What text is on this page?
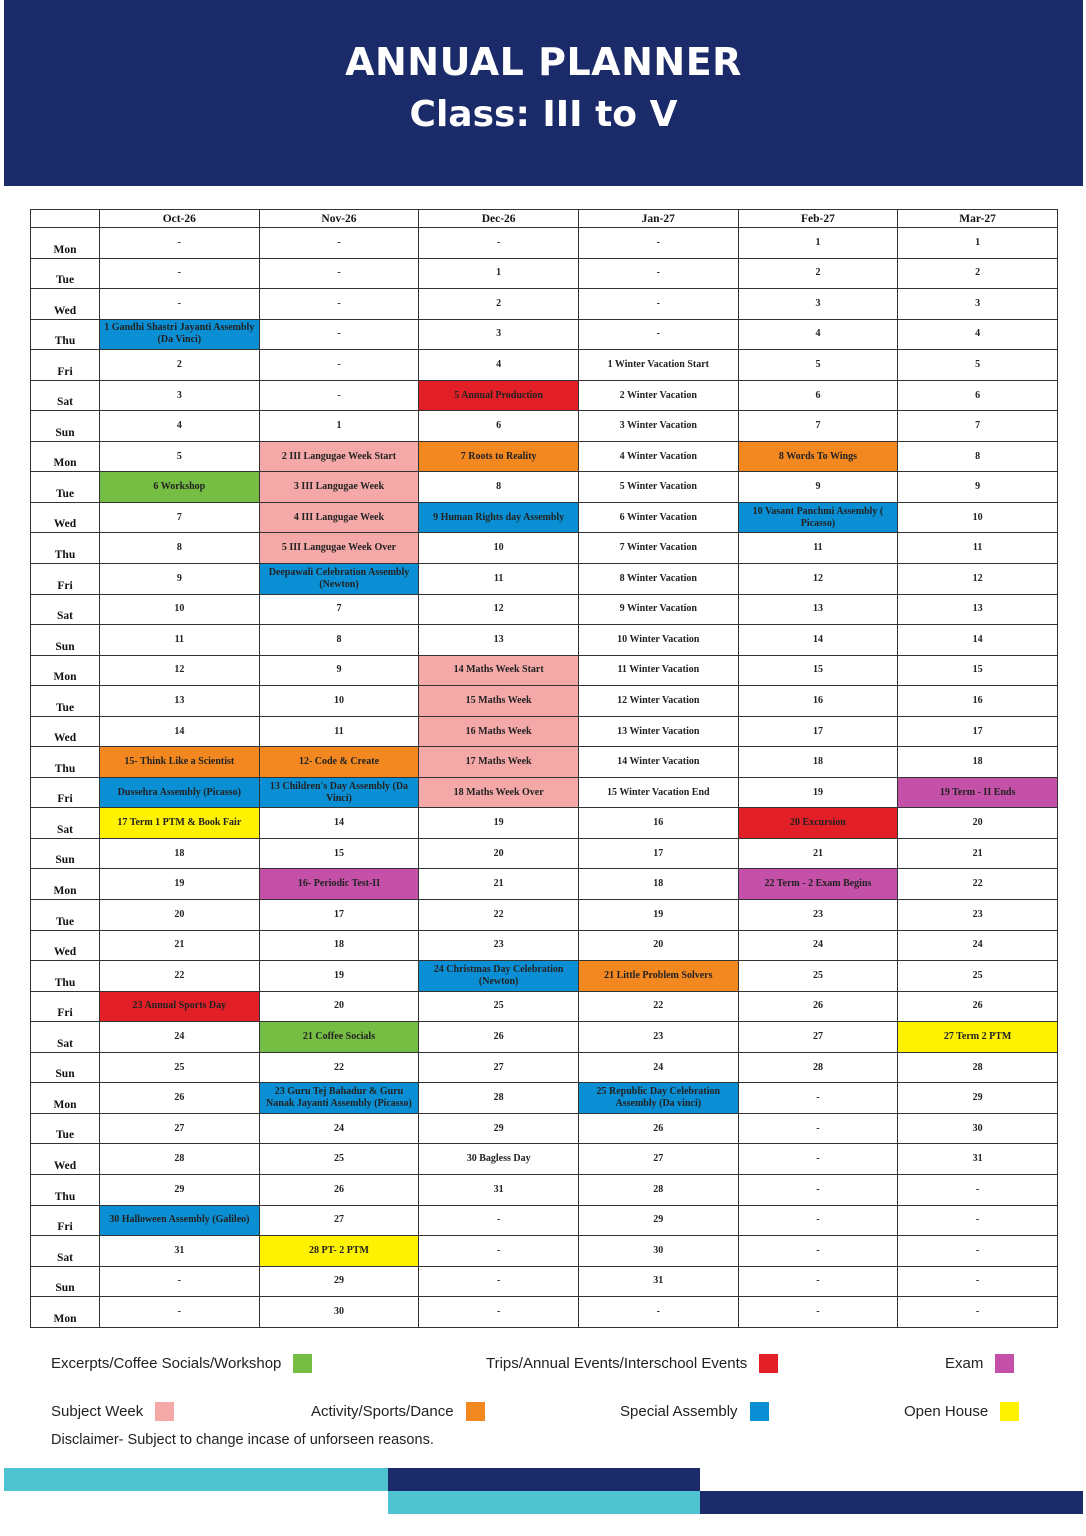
ANNUAL PLANNER
Class: III to V
	Oct-26	Nov-26	Dec-26	Jan-27	Feb-27	Mar-27
Mon	-	-	-	-	1	1
Tue	-	-	1	-	2	2
Wed	-	-	2	-	3	3
Thu	1 Gandhi Shastri Jayanti Assembly (Da Vinci)	-	3	-	4	4
Fri	2	-	4	1 Winter Vacation Start	5	5
Sat	3	-	5 Annual Production	2 Winter Vacation	6	6
Sun	4	1	6	3 Winter Vacation	7	7
Mon	5	2 III Langugae Week Start	7 Roots to Reality	4 Winter Vacation	8 Words To Wings	8
Tue	6 Workshop	3 III Langugae Week	8	5 Winter Vacation	9	9
Wed	7	4 III Langugae Week	9 Human Rights day Assembly	6 Winter Vacation	10 Vasant Panchmi Assembly ( Picasso)	10
Thu	8	5 III Langugae Week Over	10	7 Winter Vacation	11	11
Fri	9	Deepawali Celebration Assembly (Newton)	11	8 Winter Vacation	12	12
Sat	10	7	12	9 Winter Vacation	13	13
Sun	11	8	13	10 Winter Vacation	14	14
Mon	12	9	14 Maths Week Start	11 Winter Vacation	15	15
Tue	13	10	15 Maths Week	12 Winter Vacation	16	16
Wed	14	11	16 Maths Week	13 Winter Vacation	17	17
Thu	15- Think Like a Scientist	12- Code & Create	17 Maths Week	14 Winter Vacation	18	18
Fri	Dussehra Assembly (Picasso)	13 Children's Day Assembly (Da Vinci)	18 Maths Week Over	15 Winter Vacation End	19	19 Term - II Ends
Sat	17 Term 1 PTM & Book Fair	14	19	16	20 Excursion	20
Sun	18	15	20	17	21	21
Mon	19	16- Periodic Test-II	21	18	22 Term - 2 Exam Begins	22
Tue	20	17	22	19	23	23
Wed	21	18	23	20	24	24
Thu	22	19	24 Christmas Day Celebration (Newton)	21 Little Problem Solvers	25	25
Fri	23 Annual Sports Day	20	25	22	26	26
Sat	24	21 Coffee Socials	26	23	27	27 Term 2 PTM
Sun	25	22	27	24	28	28
Mon	26	23 Guru Tej Bahadur & Guru Nanak Jayanti Assembly (Picasso)	28	25 Republic Day Celebration Assembly (Da vinci)	-	29
Tue	27	24	29	26	-	30
Wed	28	25	30 Bagless Day	27	-	31
Thu	29	26	31	28	-	-
Fri	30 Halloween Assembly (Galileo)	27	-	29	-	-
Sat	31	28 PT- 2 PTM	-	30	-	-
Sun	-	29	-	31	-	-
Mon	-	30	-	-	-	-
Excerpts/Coffee Socials/Workshop	Trips/Annual Events/Interschool Events	Exam
Subject Week	Activity/Sports/Dance	Special Assembly	Open House
Disclaimer- Subject to change incase of unforseen reasons.
